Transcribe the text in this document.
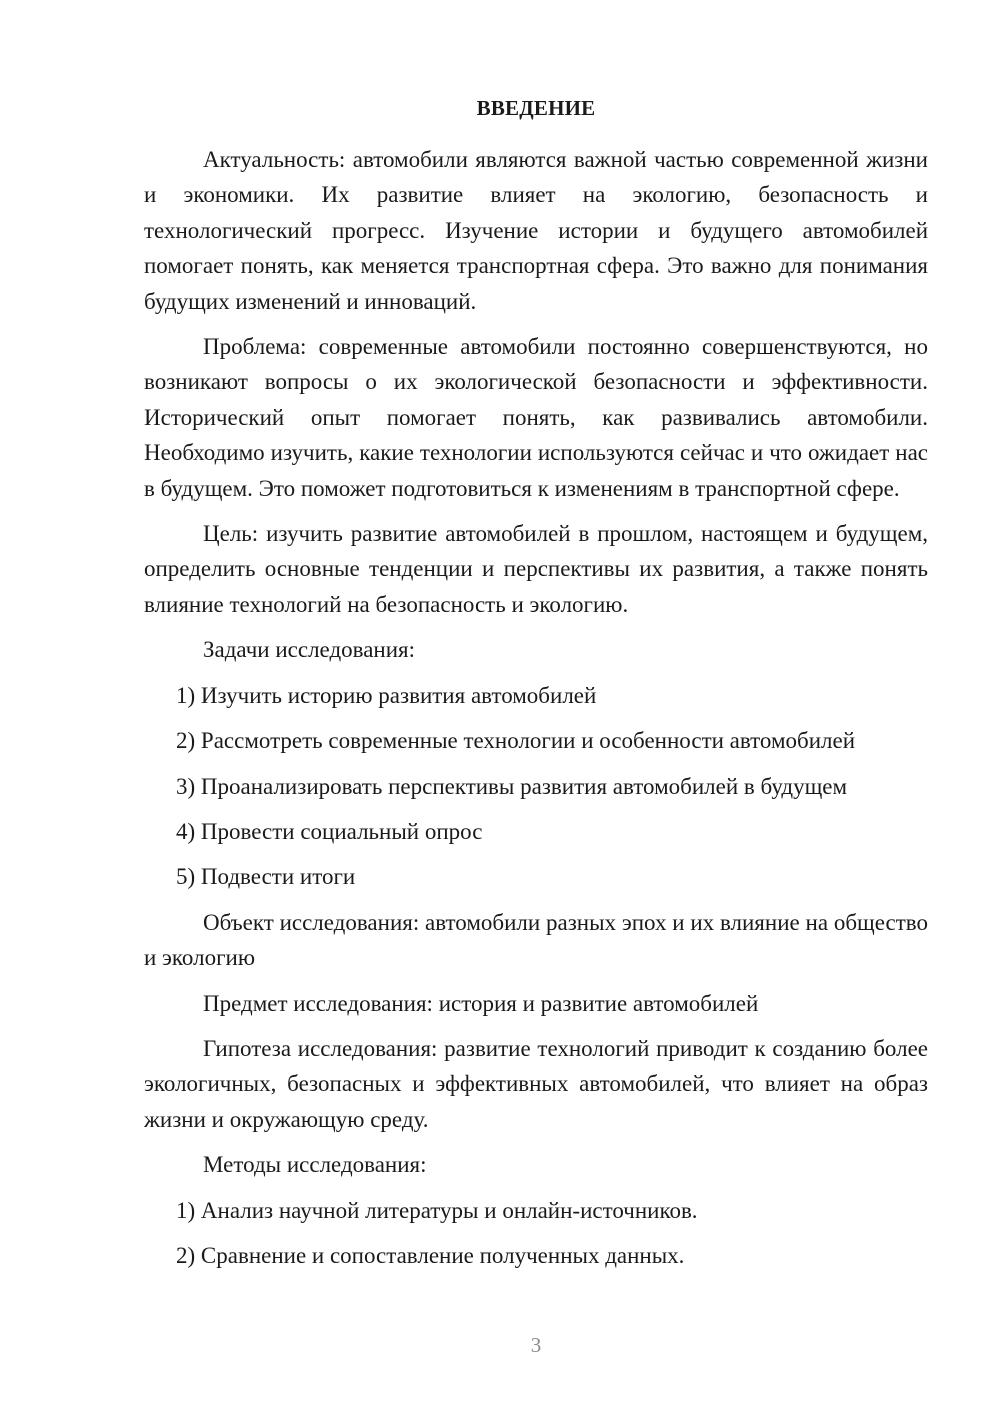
ВВЕДЕНИЕ

Актуальность: автомобили являются важной частью современной жизни и экономики. Их развитие влияет на экологию, безопасность и технологический прогресс. Изучение истории и будущего автомобилей помогает понять, как меняется транспортная сфера. Это важно для понимания будущих изменений и инноваций.

Проблема: современные автомобили постоянно совершенствуются, но возникают вопросы о их экологической безопасности и эффективности. Исторический опыт помогает понять, как развивались автомобили. Необходимо изучить, какие технологии используются сейчас и что ожидает нас в будущем. Это поможет подготовиться к изменениям в транспортной сфере.

Цель: изучить развитие автомобилей в прошлом, настоящем и будущем, определить основные тенденции и перспективы их развития, а также понять влияние технологий на безопасность и экологию.

Задачи исследования:

1) Изучить историю развития автомобилей
2) Рассмотреть современные технологии и особенности автомобилей
3) Проанализировать перспективы развития автомобилей в будущем
4) Провести социальный опрос
5) Подвести итоги

Объект исследования: автомобили разных эпох и их влияние на общество и экологию

Предмет исследования: история и развитие автомобилей

Гипотеза исследования: развитие технологий приводит к созданию более экологичных, безопасных и эффективных автомобилей, что влияет на образ жизни и окружающую среду.

Методы исследования:

1) Анализ научной литературы и онлайн-источников.
2) Сравнение и сопоставление полученных данных.
3
